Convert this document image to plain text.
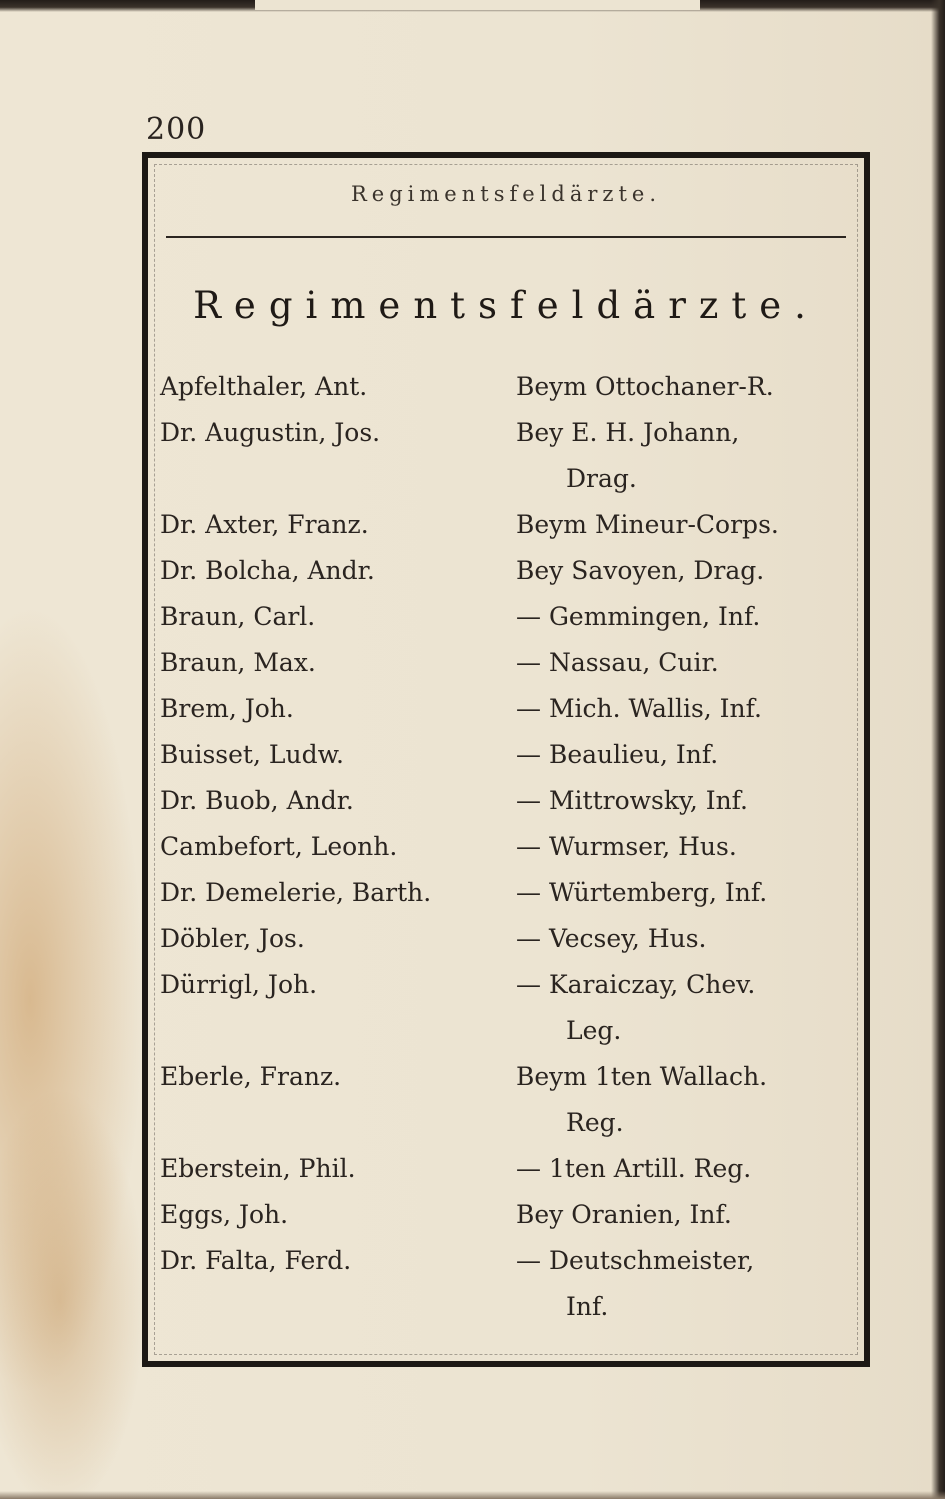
200
Regimentsfeldärzte.
Regimentsfeldärzte.
Apfelthaler, Ant.	Beym Ottochaner-R.
Dr. Augustin, Jos.	Bey E. H. Johann,
Drag.
Dr. Axter, Franz.	Beym Mineur-Corps.
Dr. Bolcha, Andr.	Bey Savoyen, Drag.
Braun, Carl.	— Gemmingen, Inf.
Braun, Max.	— Nassau, Cuir.
Brem, Joh.	— Mich. Wallis, Inf.
Buisset, Ludw.	— Beaulieu, Inf.
Dr. Buob, Andr.	— Mittrowsky, Inf.
Cambefort, Leonh.	— Wurmser, Hus.
Dr. Demelerie, Barth.	— Würtemberg, Inf.
Döbler, Jos.	— Vecsey, Hus.
Dürrigl, Joh.	— Karaiczay, Chev.
Leg.
Eberle, Franz.	Beym 1ten Wallach.
Reg.
Eberstein, Phil.	— 1ten Artill. Reg.
Eggs, Joh.	Bey Oranien, Inf.
Dr. Falta, Ferd.	— Deutschmeister,
Inf.
